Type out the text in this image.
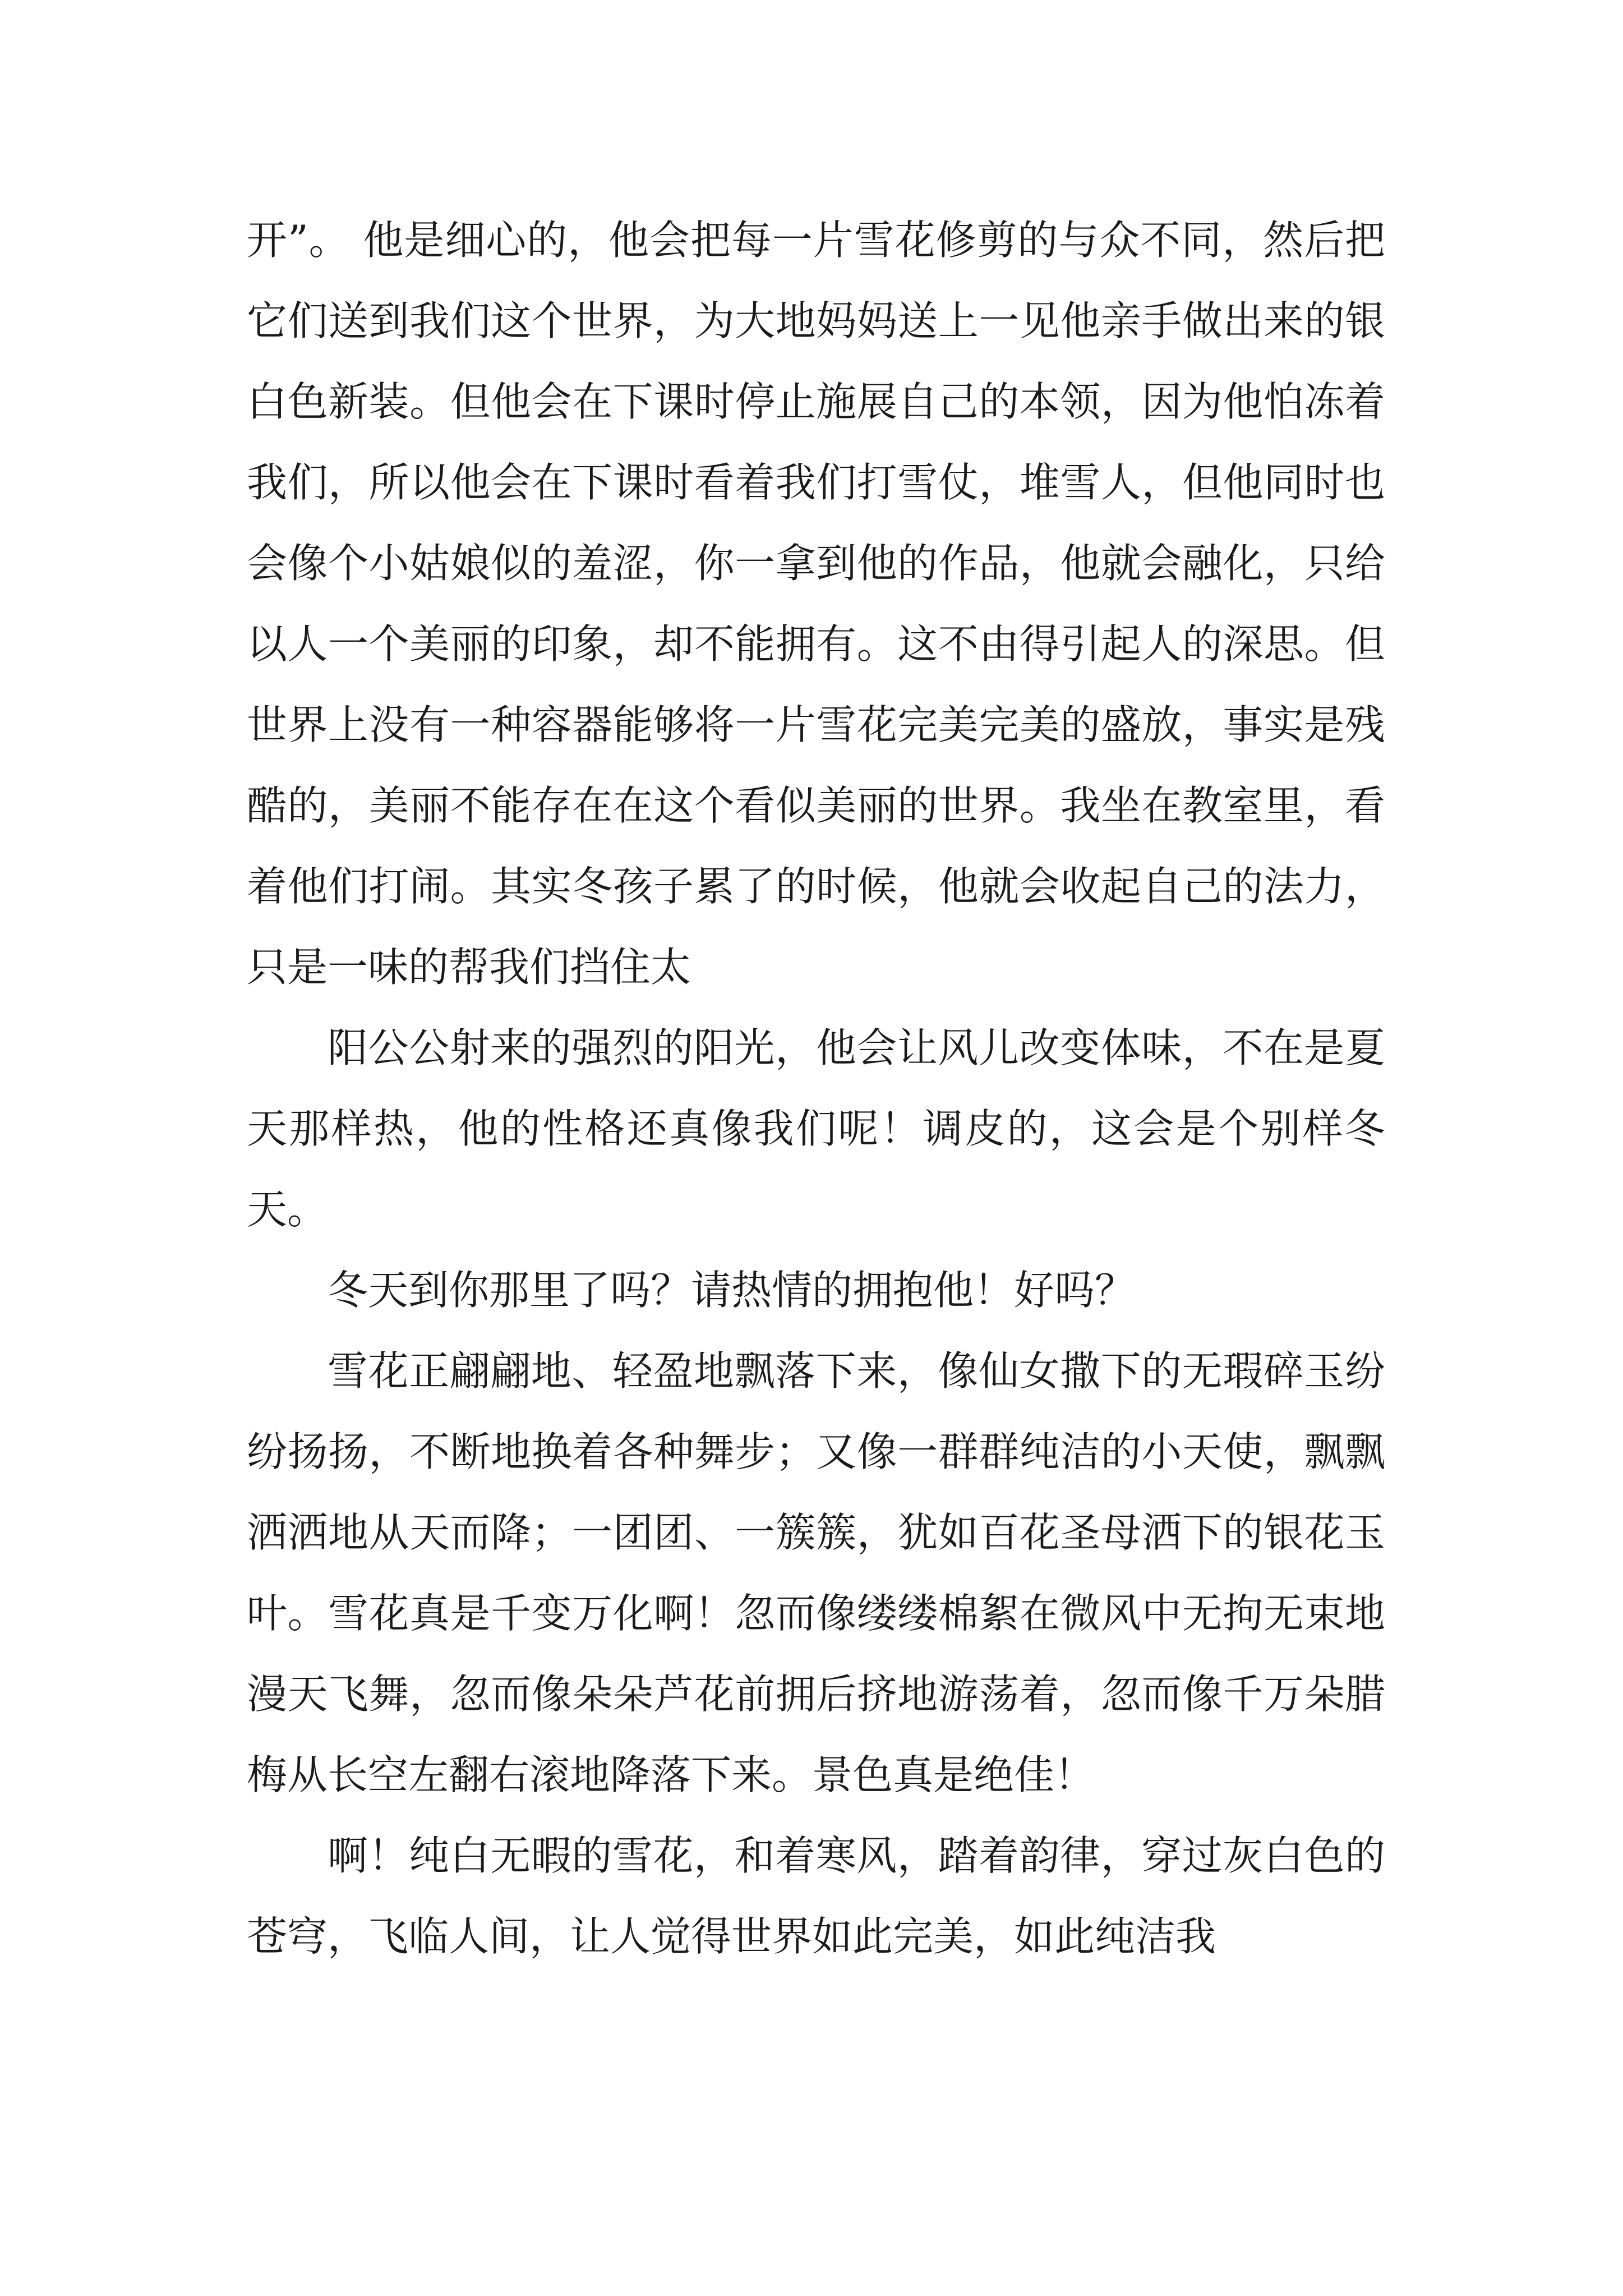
开”。 他是细心的，他会把每一片雪花修剪的与众不同，然后把它们送到我们这个世界，为大地妈妈送上一见他亲手做出来的银白色新装。但他会在下课时停止施展自己的本领，因为他怕冻着我们，所以他会在下课时看着我们打雪仗，堆雪人，但他同时也会像个小姑娘似的羞涩，你一拿到他的作品，他就会融化，只给以人一个美丽的印象，却不能拥有。这不由得引起人的深思。但世界上没有一种容器能够将一片雪花完美完美的盛放，事实是残酷的，美丽不能存在在这个看似美丽的世界。我坐在教室里，看着他们打闹。其实冬孩子累了的时候，他就会收起自己的法力，只是一味的帮我们挡住太

阳公公射来的强烈的阳光，他会让风儿改变体味，不在是夏天那样热，他的性格还真像我们呢！调皮的，这会是个别样冬天。

冬天到你那里了吗？请热情的拥抱他！好吗？

雪花正翩翩地、轻盈地飘落下来，像仙女撒下的无瑕碎玉纷纷扬扬，不断地换着各种舞步；又像一群群纯洁的小天使，飘飘洒洒地从天而降；一团团、一簇簇，犹如百花圣母洒下的银花玉叶。雪花真是千变万化啊！忽而像缕缕棉絮在微风中无拘无束地漫天飞舞，忽而像朵朵芦花前拥后挤地游荡着，忽而像千万朵腊梅从长空左翻右滚地降落下来。景色真是绝佳！

啊！纯白无暇的雪花，和着寒风，踏着韵律，穿过灰白色的苍穹，飞临人间，让人觉得世界如此完美，如此纯洁我
